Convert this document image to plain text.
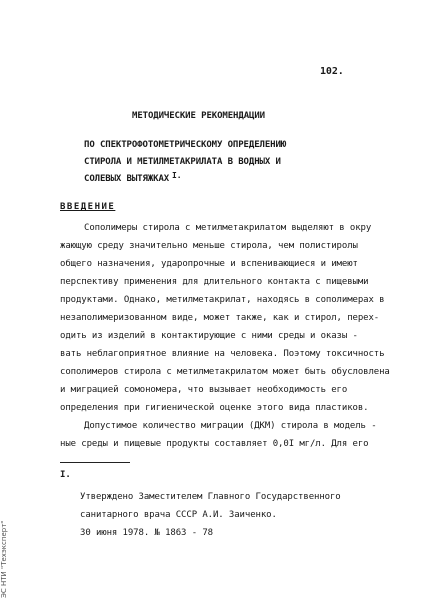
102.
МЕТОДИЧЕСКИЕ РЕКОМЕНДАЦИИ
ПО СПЕКТРОФОТОМЕТРИЧЕСКОМУ ОПРЕДЕЛЕНИЮ
СТИРОЛА И МЕТИЛМЕТАКРИЛАТА В ВОДНЫХ И
СОЛЕВЫХ ВЫТЯЖКАХ I.
ВВЕДЕНИЕ
Сополимеры стирола с метилметакрилатом выделяют в окру
жающую среду значительно меньше стирола, чем полистиролы
общего назначения, ударопрочные и вспенивающиеся и имеют
перспективу применения для длительного контакта с пищевыми
продуктами. Однако, метилметакрилат, находясь в сополимерах в
незаполимеризованном виде, может также, как и стирол, перех-
одить из изделий в контактирующие с ними среды и оказы -
вать неблагоприятное влияние на человека. Поэтому токсичность
сополимеров стирола с метилметакрилатом может быть обусловлена
и миграцией сомономера, что вызывает необходимость его
определения при гигиенической оценке этого вида пластиков.
Допустимое количество миграции (ДКМ) стирола в модель -
ные среды и пищевые продукты составляет 0,0I мг/л. Для его
I.
Утверждено Заместителем Главного Государственного
санитарного врача СССР А.И. Заиченко.
30 июня 1978. № 1863 - 78
ЭС НТИ "Техэксперт"
